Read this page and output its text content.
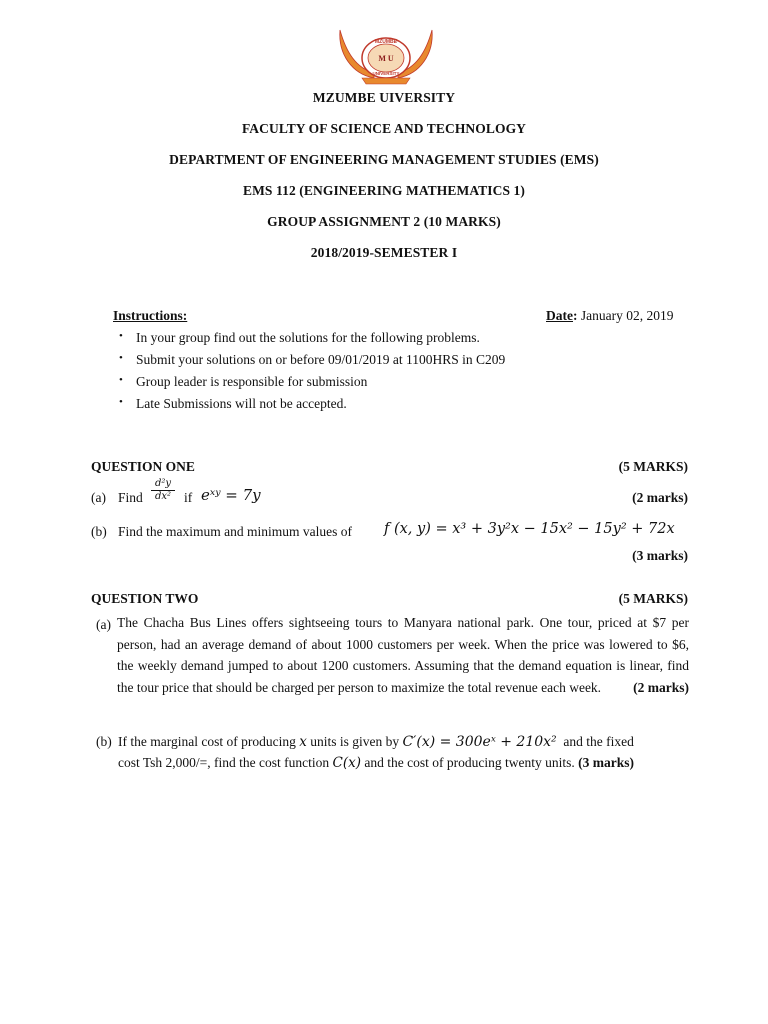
MZUMBE
M U
UNIVERSITY
MZUMBE UIVERSITY
FACULTY OF SCIENCE AND TECHNOLOGY
DEPARTMENT OF ENGINEERING MANAGEMENT STUDIES (EMS)
EMS 112 (ENGINEERING MATHEMATICS 1)
GROUP ASSIGNMENT 2 (10 MARKS)
2018/2019-SEMESTER I
Instructions:	Date: January 02, 2019
• In your group find out the solutions for the following problems.
• Submit your solutions on or before 09/01/2019 at 1100HRS in C209
• Group leader is responsible for submission
• Late Submissions will not be accepted.
QUESTION ONE	(5 MARKS)
(a) Find $\frac{\text{d²y}}{\text{dx²}}$ if eˣʸ = 7y	(2 marks)
(b) Find the maximum and minimum values of f (x, y) = x³ + 3y²x − 15x² − 15y² + 72x
(3 marks)
QUESTION TWO	(5 MARKS)
(a) The Chacha Bus Lines offers sightseeing tours to Manyara national park. One tour, priced at $7 per person, had an average demand of about 1000 customers per week. When the price was lowered to $6, the weekly demand jumped to about 1200 customers. Assuming that the demand equation is linear, find the tour price that should be charged per person to maximize the total revenue each week. (2 marks)
(b) If the marginal cost of producing x units is given by C′(x) = 300eˣ + 210x² and the fixed
cost Tsh 2,000/=, find the cost function C(x) and the cost of producing twenty units. (3 marks)
